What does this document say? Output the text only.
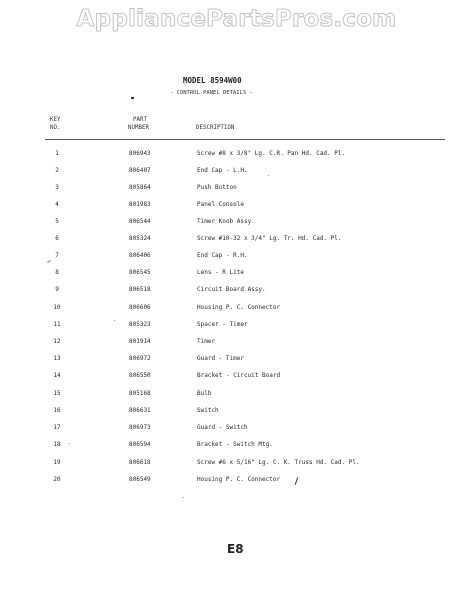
AppliancePartsPros.com
MODEL 8594W00
- CONTROL PANEL DETAILS -
KEY
NO.
PART
NUMBER	DESCRIPTION
1	806943	Screw #8 x 3/8" Lg. C.R. Pan Hd. Cad. Pl.
2	806407	End Cap - L.H.
3	805864	Push Button
4	801983	Panel Console
5	806544	Timer Knob Assy.
6	805324	Screw #10-32 x 3/4" Lg. Tr. Hd. Cad. Pl.
7	806406	End Cap - R.H.
8	806545	Lens - R Lite
9	806518	Circuit Board Assy.
10	806606	Housing P. C. Connector
11	805323	Spacer - Timer
12	801914	Timer
13	806972	Guard - Timer
14	806550	Bracket - Circuit Board
15	805168	Bulb
16	806631	Switch
17	806973	Guard - Switch
18	806594	Bracket - Switch Mtg.
19	806618	Screw #6 x 5/16" Lg. C. K. Truss Hd. Cad. Pl.
20	806549	Housing P. C. Connector
E8
